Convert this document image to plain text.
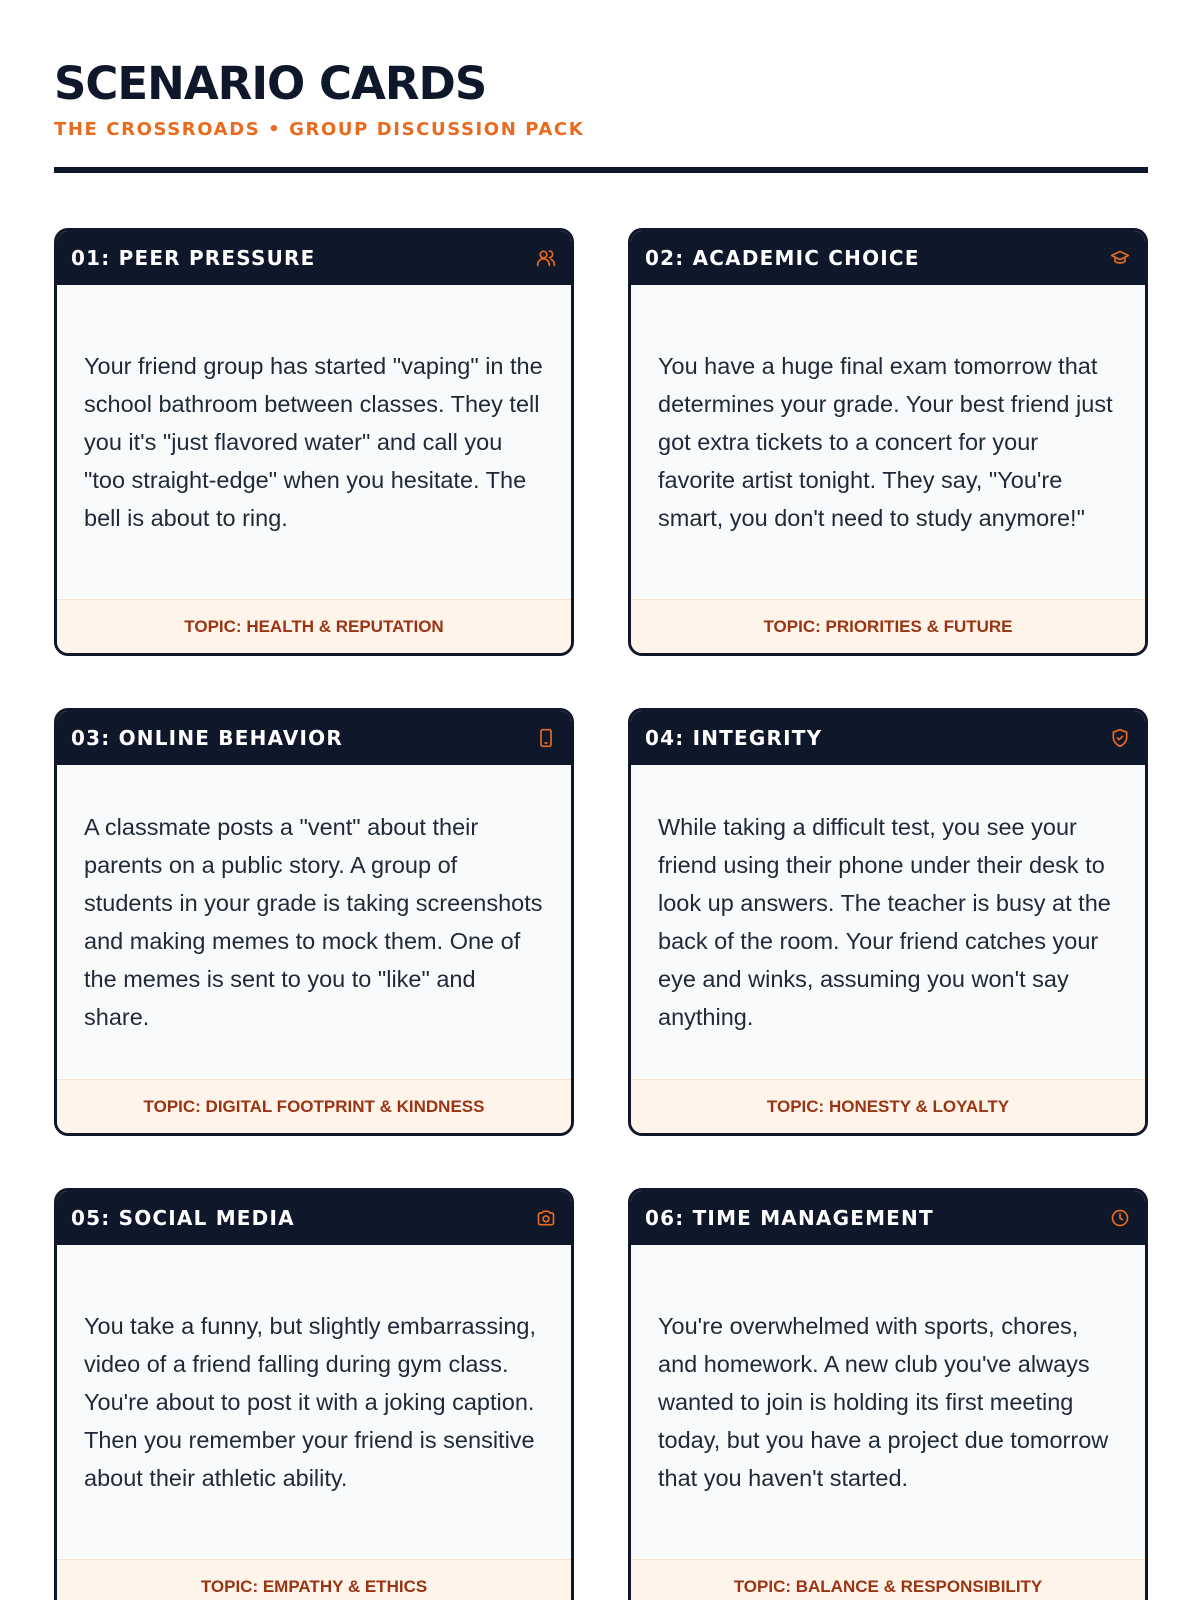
SCENARIO CARDS
THE CROSSROADS • GROUP DISCUSSION PACK
01: PEER PRESSURE

Your friend group has started "vaping" in the school bathroom between classes. They tell you it's "just flavored water" and call you "too straight-edge" when you hesitate. The bell is about to ring.

TOPIC: HEALTH & REPUTATION
02: ACADEMIC CHOICE

You have a huge final exam tomorrow that determines your grade. Your best friend just got extra tickets to a concert for your favorite artist tonight. They say, "You're smart, you don't need to study anymore!"

TOPIC: PRIORITIES & FUTURE
03: ONLINE BEHAVIOR

A classmate posts a "vent" about their parents on a public story. A group of students in your grade is taking screenshots and making memes to mock them. One of the memes is sent to you to "like" and share.

TOPIC: DIGITAL FOOTPRINT & KINDNESS
04: INTEGRITY

While taking a difficult test, you see your friend using their phone under their desk to look up answers. The teacher is busy at the back of the room. Your friend catches your eye and winks, assuming you won't say anything.

TOPIC: HONESTY & LOYALTY
05: SOCIAL MEDIA

You take a funny, but slightly embarrassing, video of a friend falling during gym class. You're about to post it with a joking caption. Then you remember your friend is sensitive about their athletic ability.

TOPIC: EMPATHY & ETHICS
06: TIME MANAGEMENT

You're overwhelmed with sports, chores, and homework. A new club you've always wanted to join is holding its first meeting today, but you have a project due tomorrow that you haven't started.

TOPIC: BALANCE & RESPONSIBILITY
